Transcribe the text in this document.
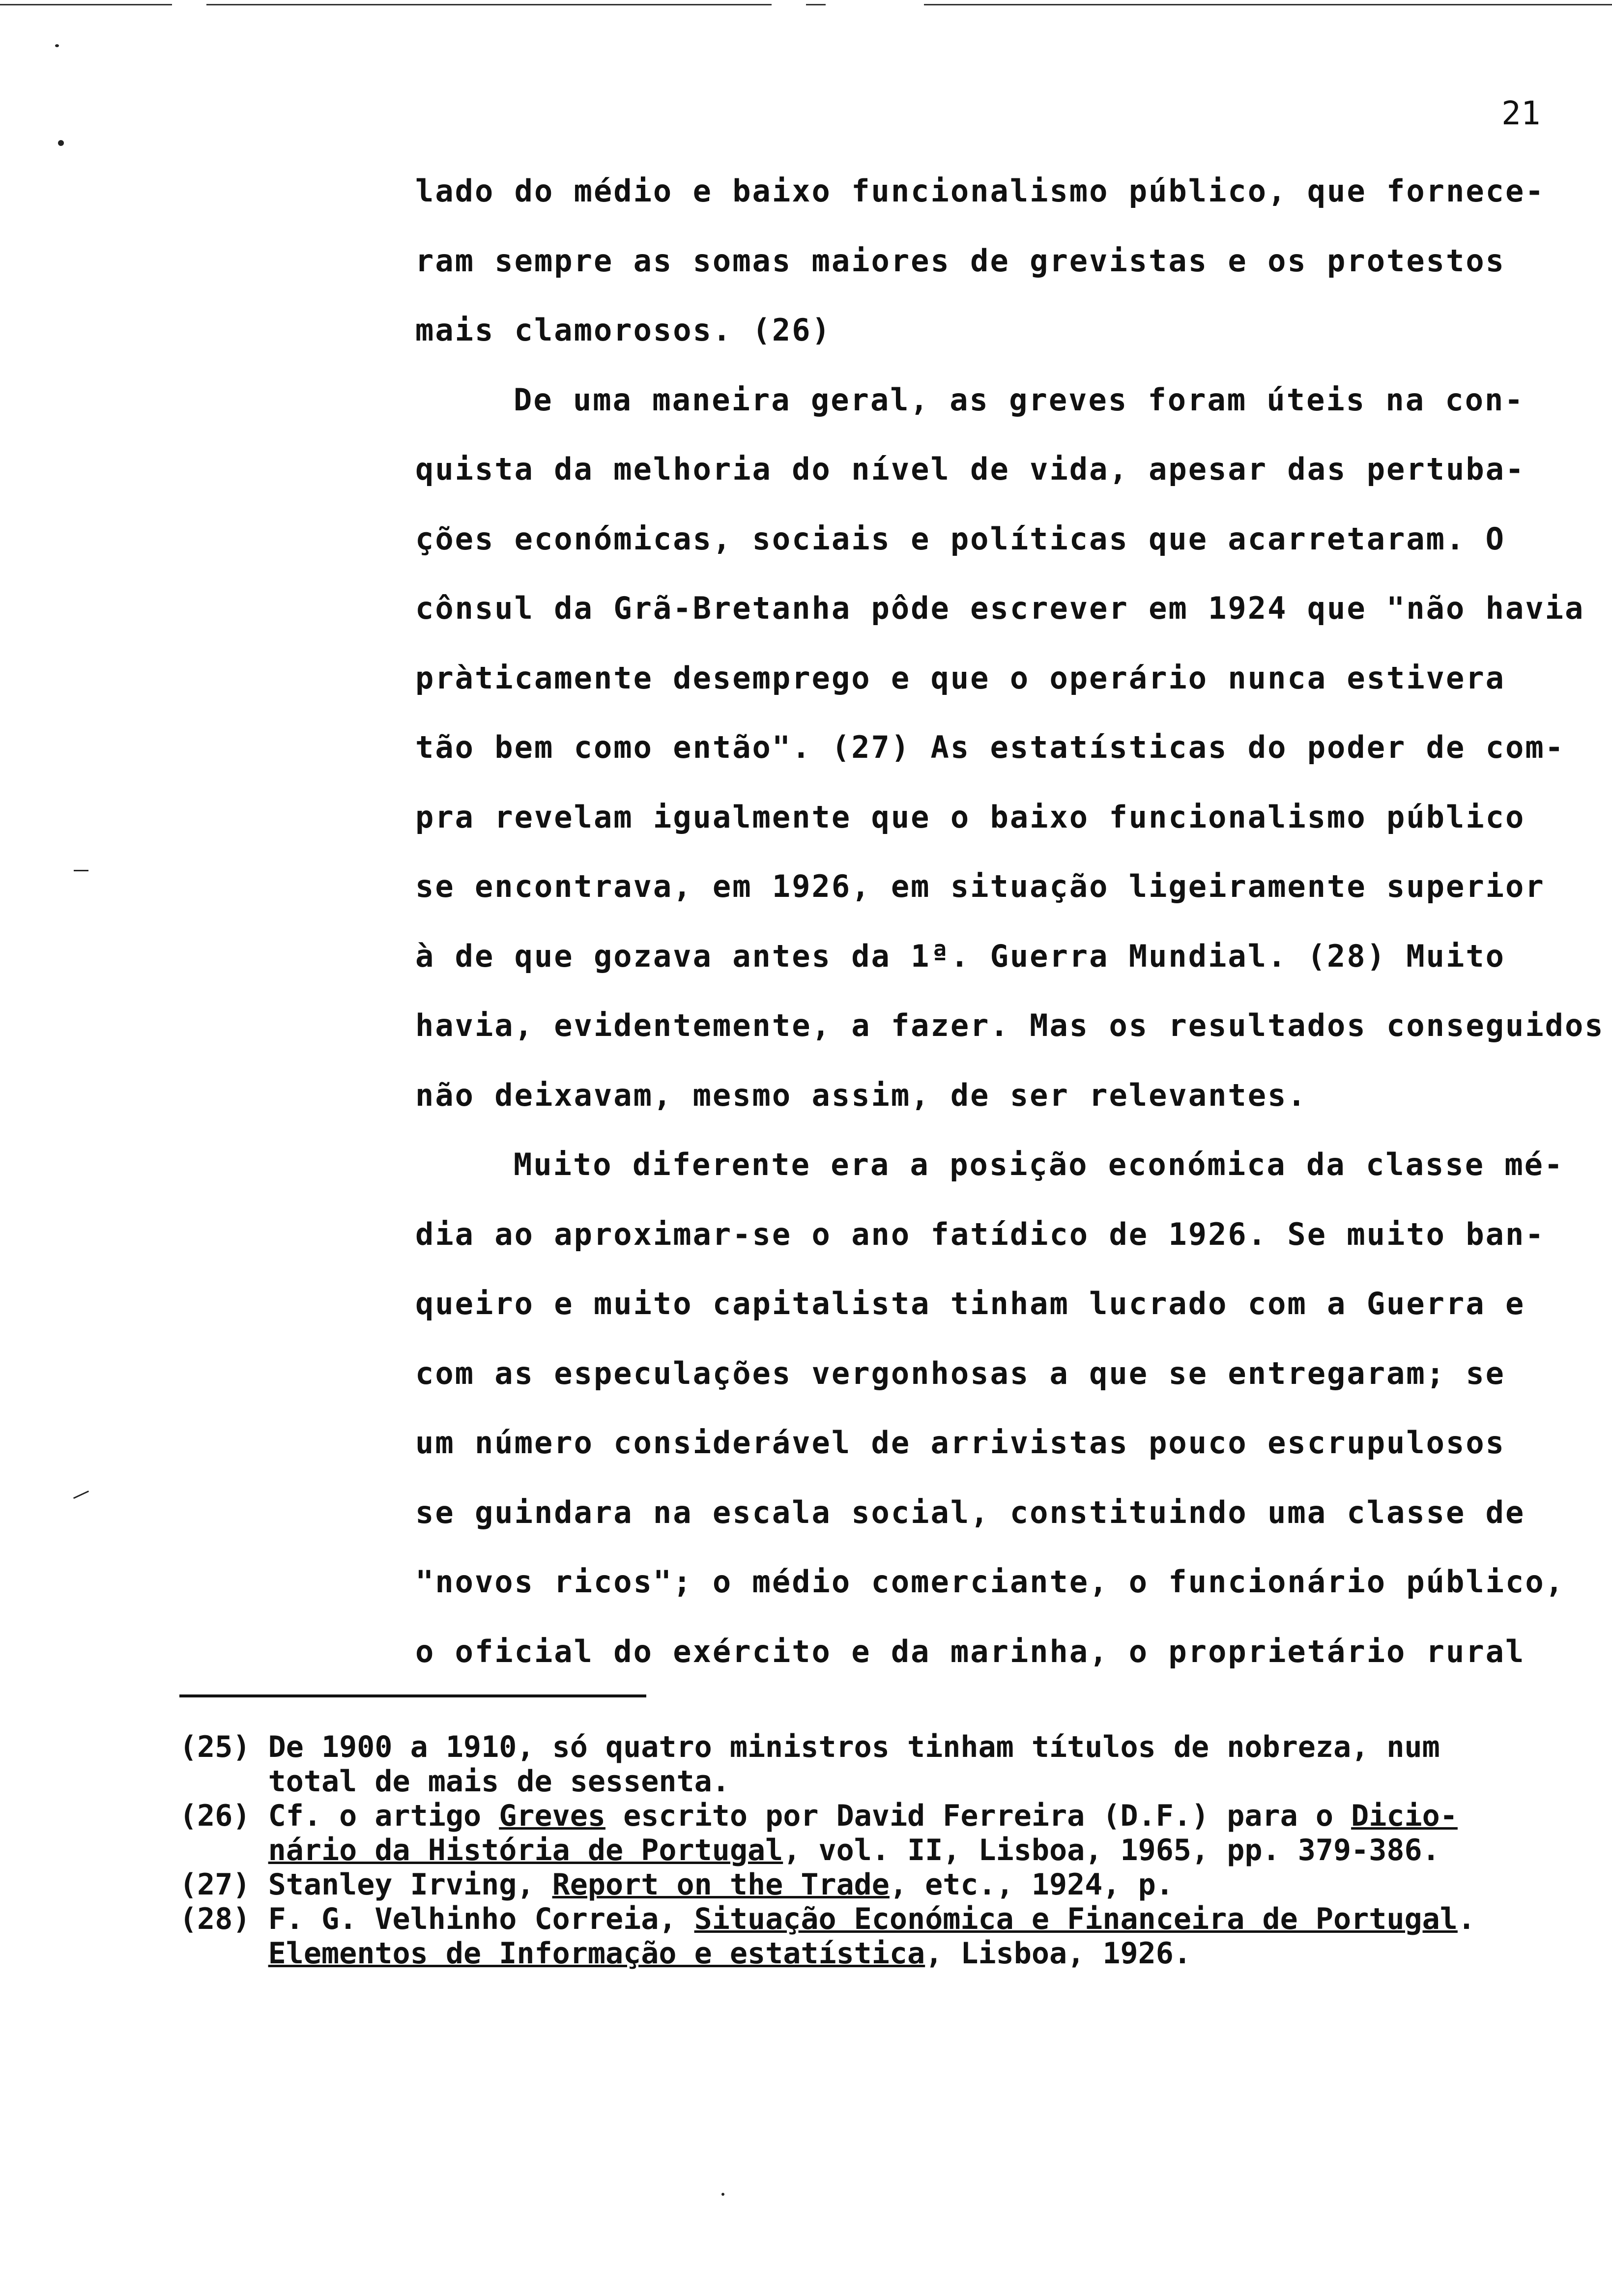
21
lado do médio e baixo funcionalismo público, que fornece-
ram sempre as somas maiores de grevistas e os protestos
mais clamorosos. (26)
De uma maneira geral, as greves foram úteis na con-
quista da melhoria do nível de vida, apesar das pertuba-
ções económicas, sociais e políticas que acarretaram. O
cônsul da Grã-Bretanha pôde escrever em 1924 que "não havia
pràticamente desemprego e que o operário nunca estivera
tão bem como então". (27) As estatísticas do poder de com-
pra revelam igualmente que o baixo funcionalismo público
se encontrava, em 1926, em situação ligeiramente superior
à de que gozava antes da 1ª. Guerra Mundial. (28) Muito
havia, evidentemente, a fazer. Mas os resultados conseguidos
não deixavam, mesmo assim, de ser relevantes.
Muito diferente era a posição económica da classe mé-
dia ao aproximar-se o ano fatídico de 1926. Se muito ban-
queiro e muito capitalista tinham lucrado com a Guerra e
com as especulações vergonhosas a que se entregaram; se
um número considerável de arrivistas pouco escrupulosos
se guindara na escala social, constituindo uma classe de
"novos ricos"; o médio comerciante, o funcionário público,
o oficial do exército e da marinha, o proprietário rural
(25) De 1900 a 1910, só quatro ministros tinham títulos de nobreza, num
total de mais de sessenta.
(26) Cf. o artigo Greves escrito por David Ferreira (D.F.) para o Dicio-
nário da História de Portugal, vol. II, Lisboa, 1965, pp. 379-386.
(27) Stanley Irving, Report on the Trade, etc., 1924, p.
(28) F. G. Velhinho Correia, Situação Económica e Financeira de Portugal.
Elementos de Informação e estatística, Lisboa, 1926.
